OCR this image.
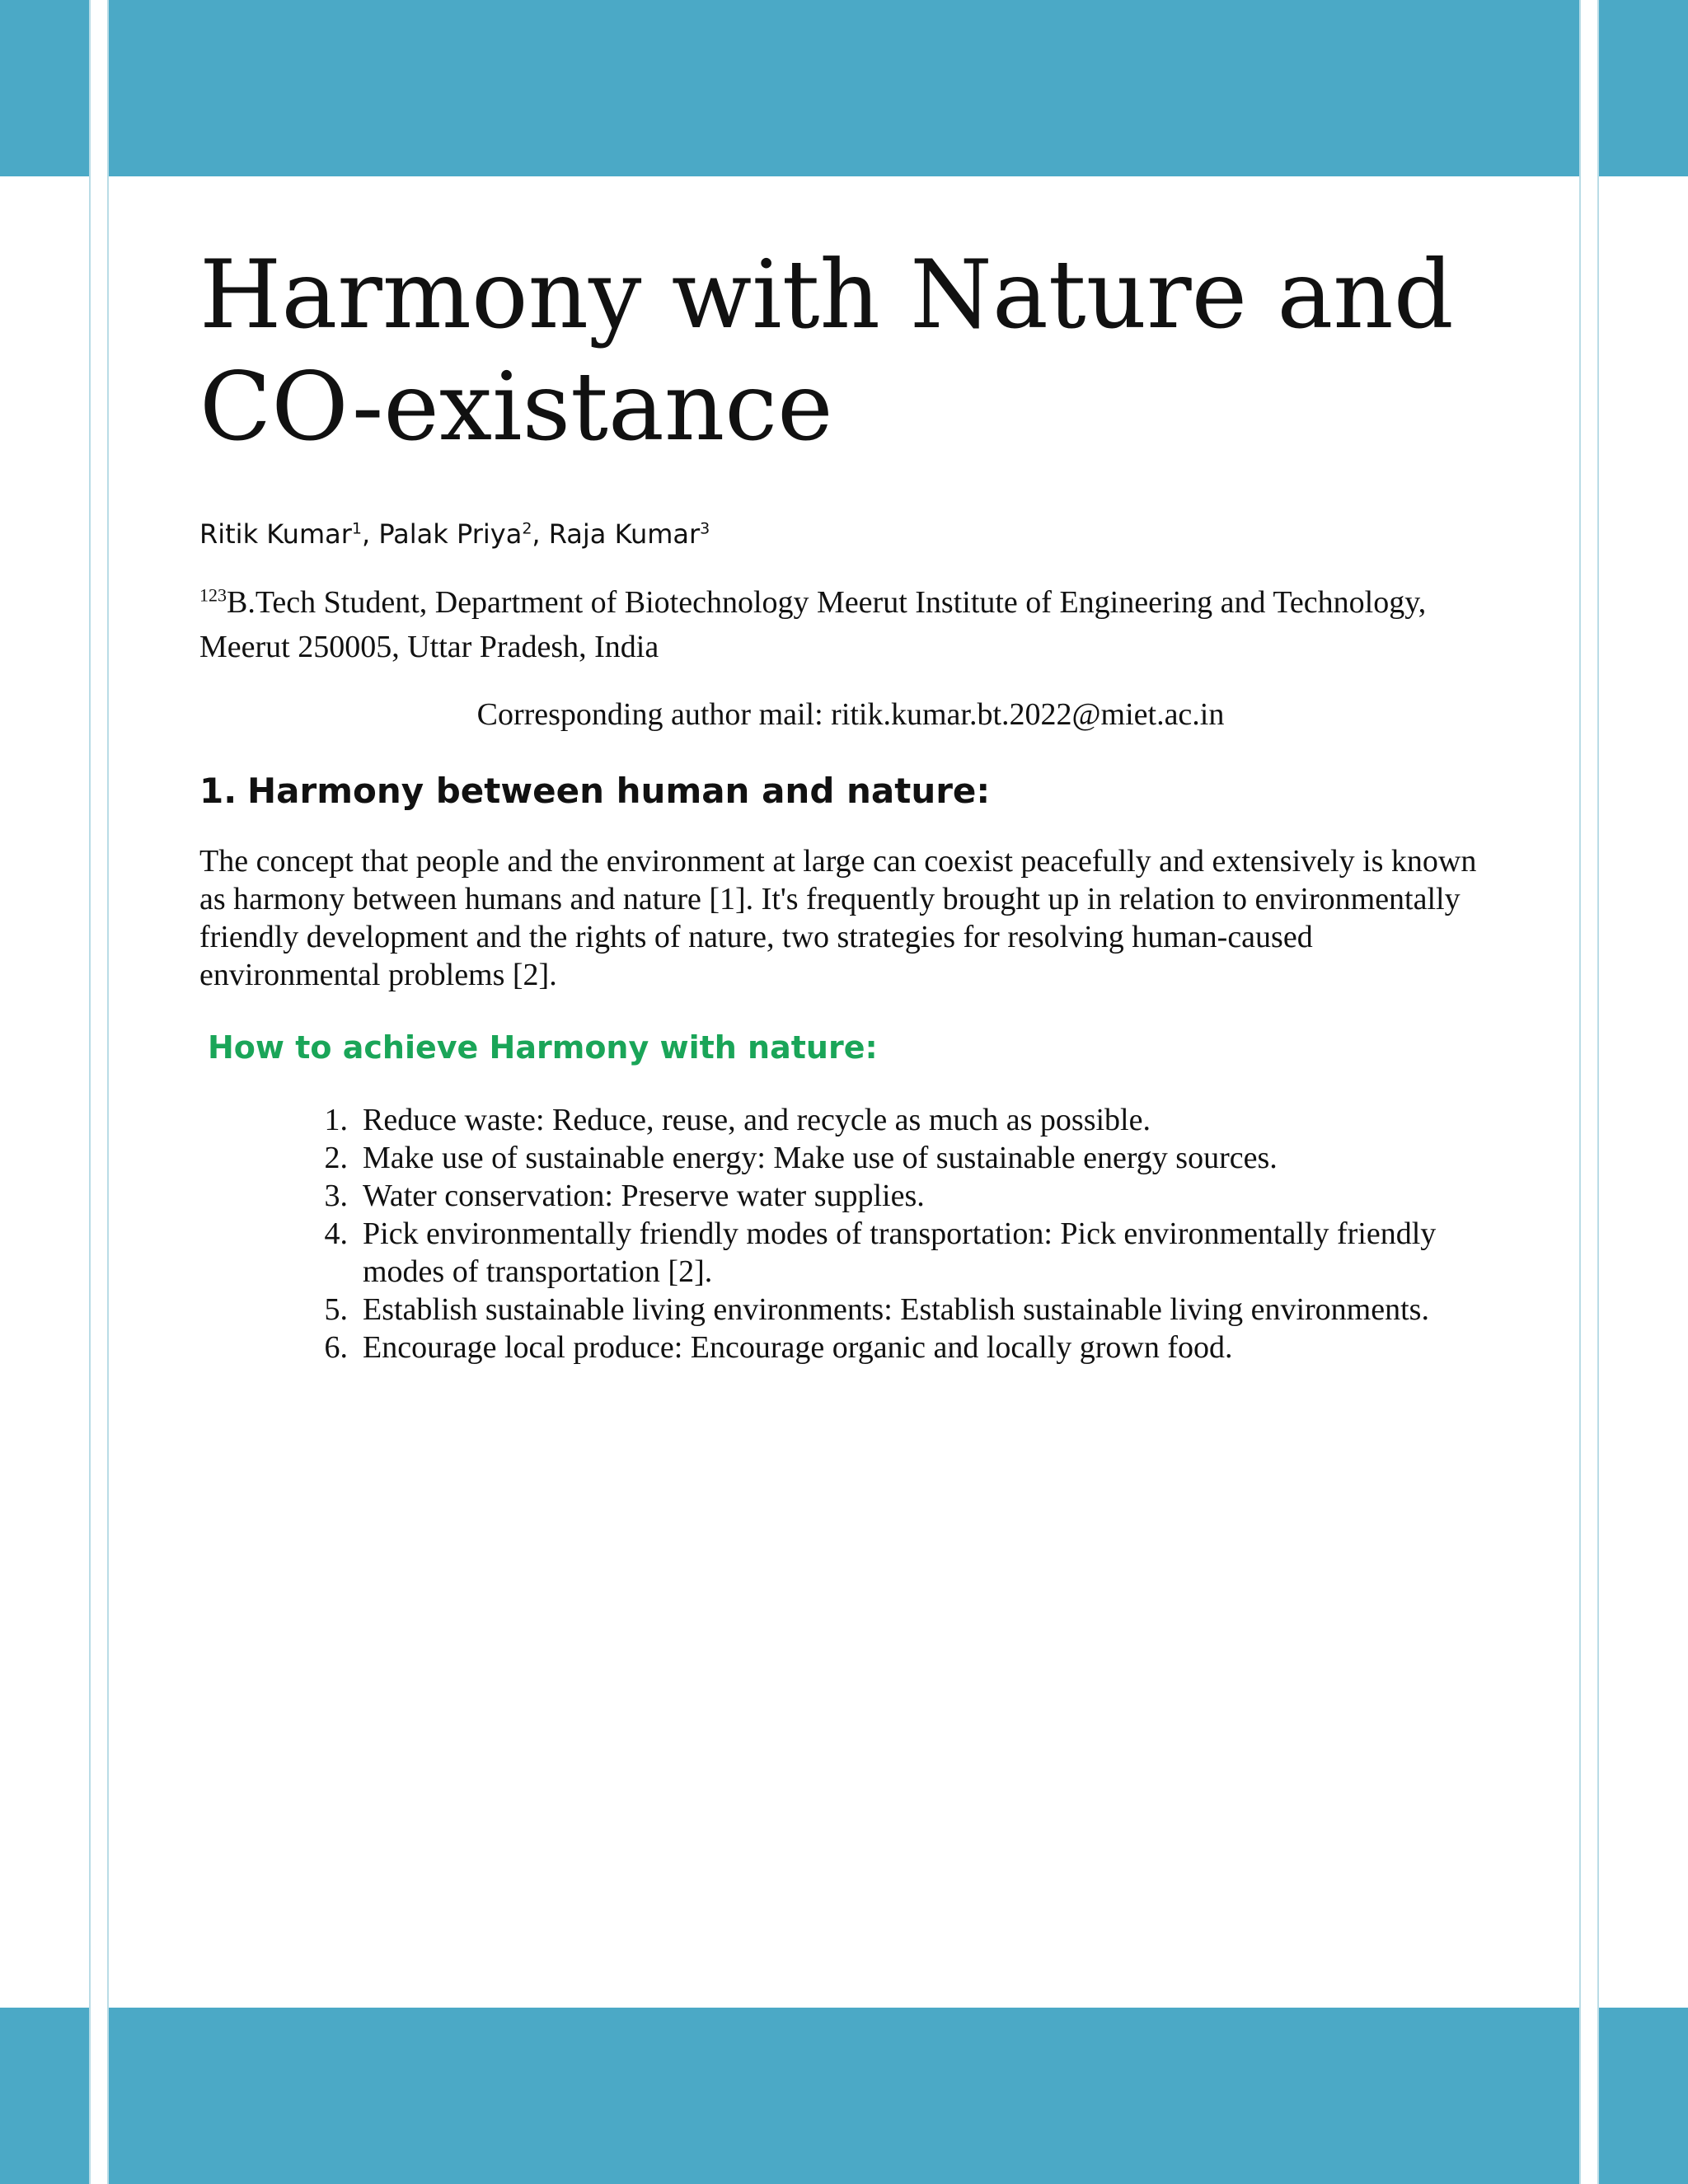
Harmony with Nature and CO-existance
Ritik Kumar$^1$, Palak Priya$^2$, Raja Kumar$^3$
$^{123}$B.Tech Student, Department of Biotechnology Meerut Institute of Engineering and Technology, Meerut 250005, Uttar Pradesh, India
Corresponding author mail: ritik.kumar.bt.2022@miet.ac.in
1. Harmony between human and nature:

The concept that people and the environment at large can coexist peacefully and extensively is known as harmony between humans and nature [1]. It's frequently brought up in relation to environmentally friendly development and the rights of nature, two strategies for resolving human-caused environmental problems [2].

How to achieve Harmony with nature:
1. Reduce waste: Reduce, reuse, and recycle as much as possible.
2. Make use of sustainable energy: Make use of sustainable energy sources.
3. Water conservation: Preserve water supplies.
4. Pick environmentally friendly modes of transportation: Pick environmentally friendly modes of transportation [2].
5. Establish sustainable living environments: Establish sustainable living environments.
6. Encourage local produce: Encourage organic and locally grown food.
